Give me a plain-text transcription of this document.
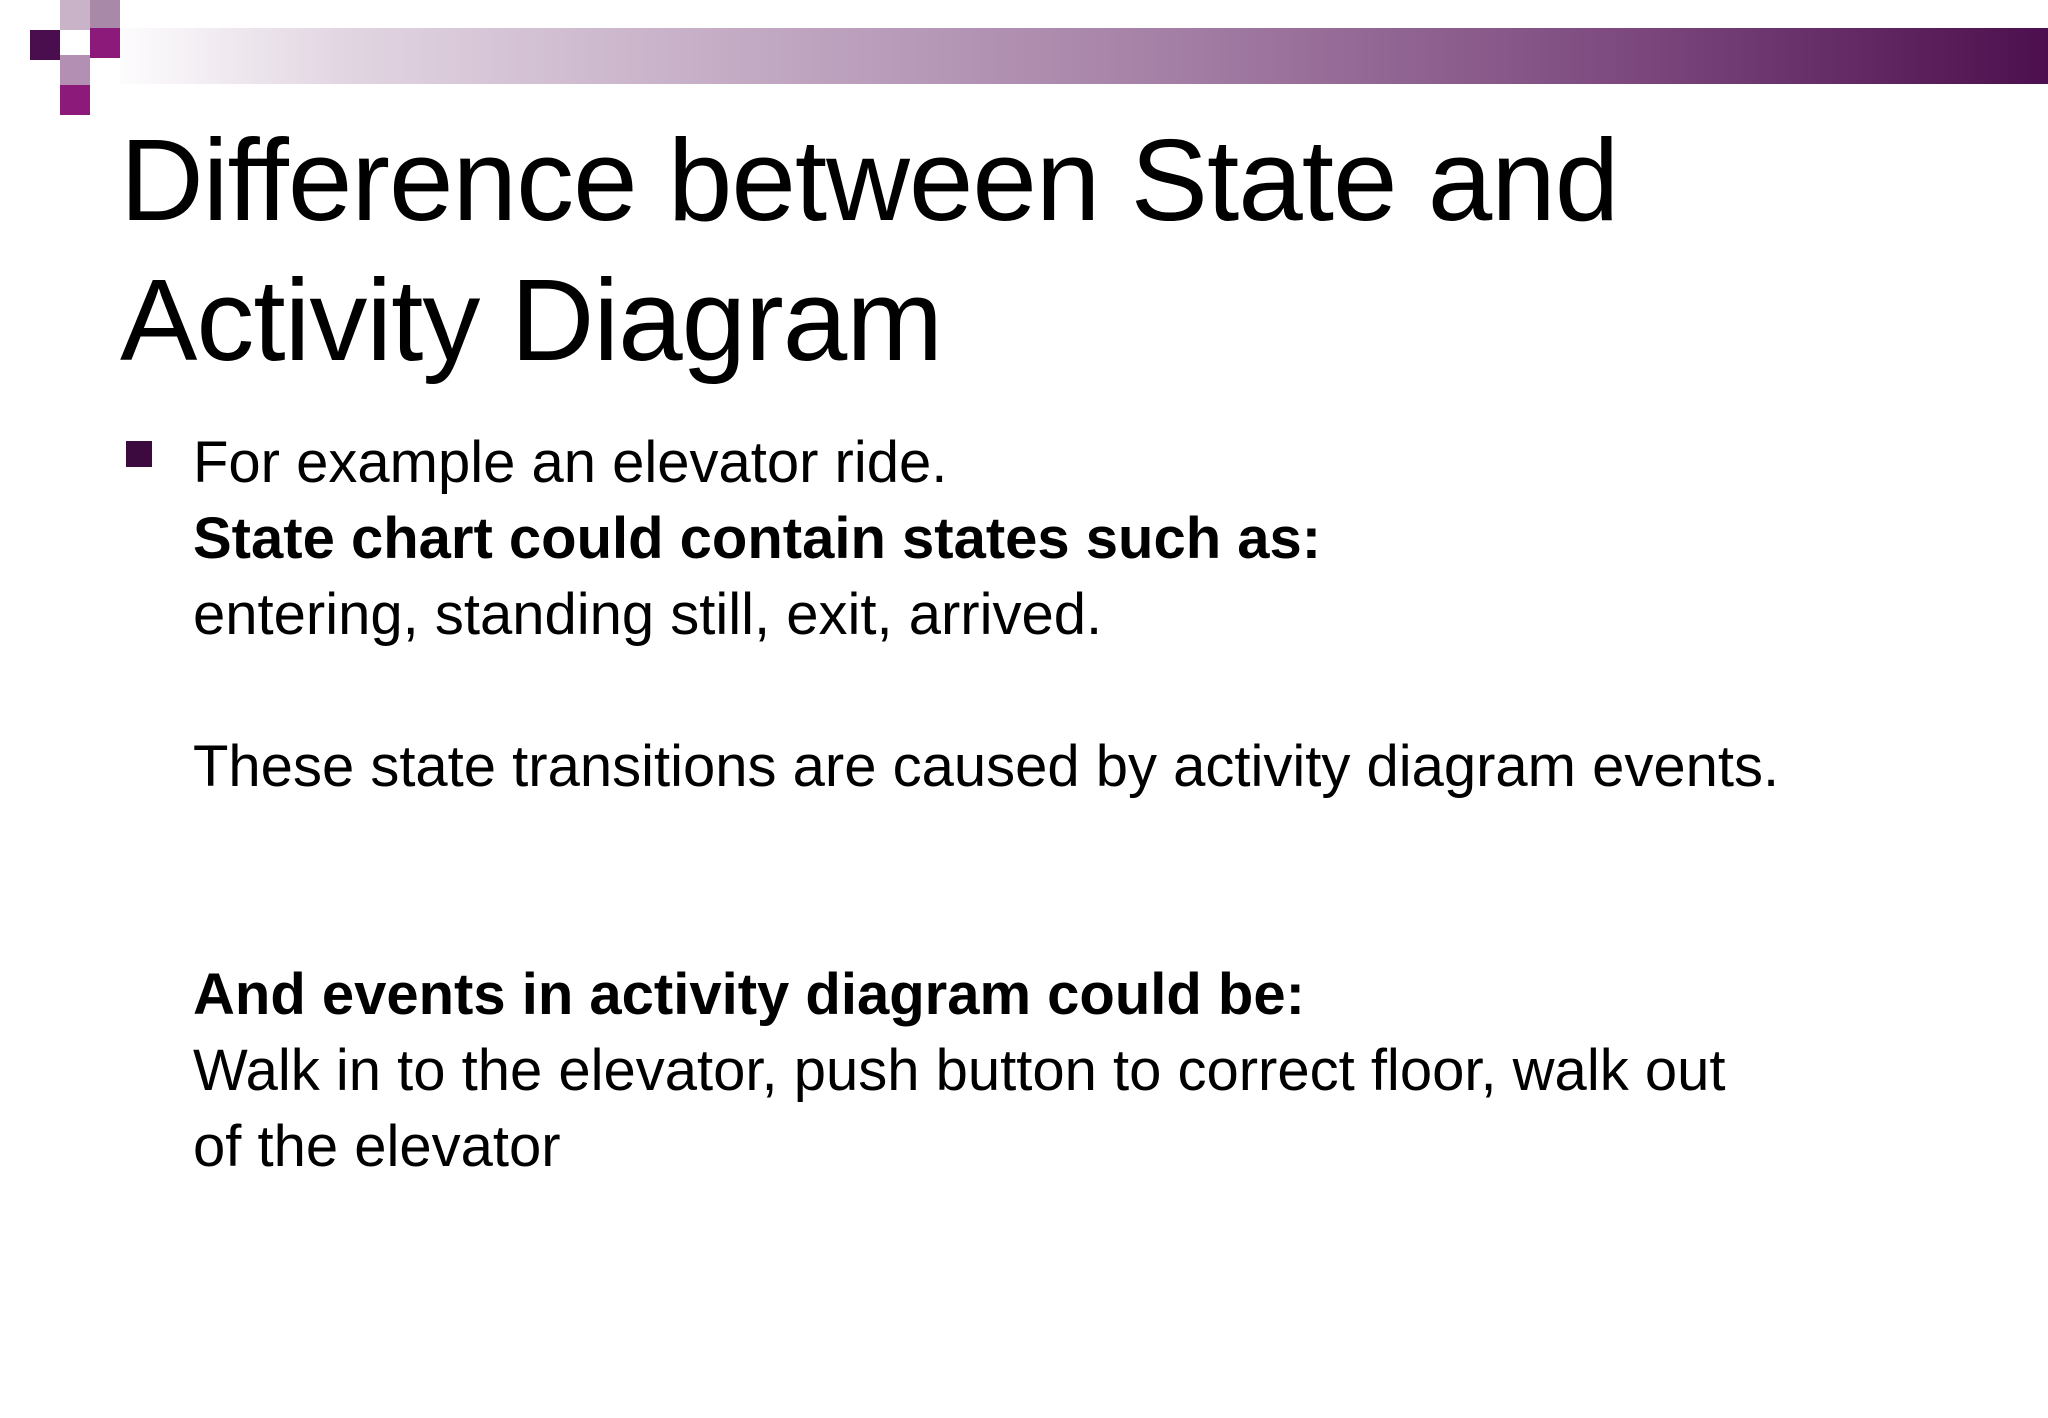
Difference between State and
Activity Diagram
For example an elevator ride.
State chart could contain states such as:
entering, standing still, exit, arrived.
These state transitions are caused by activity diagram events.
And events in activity diagram could be:
Walk in to the elevator, push button to correct floor, walk out
of the elevator
